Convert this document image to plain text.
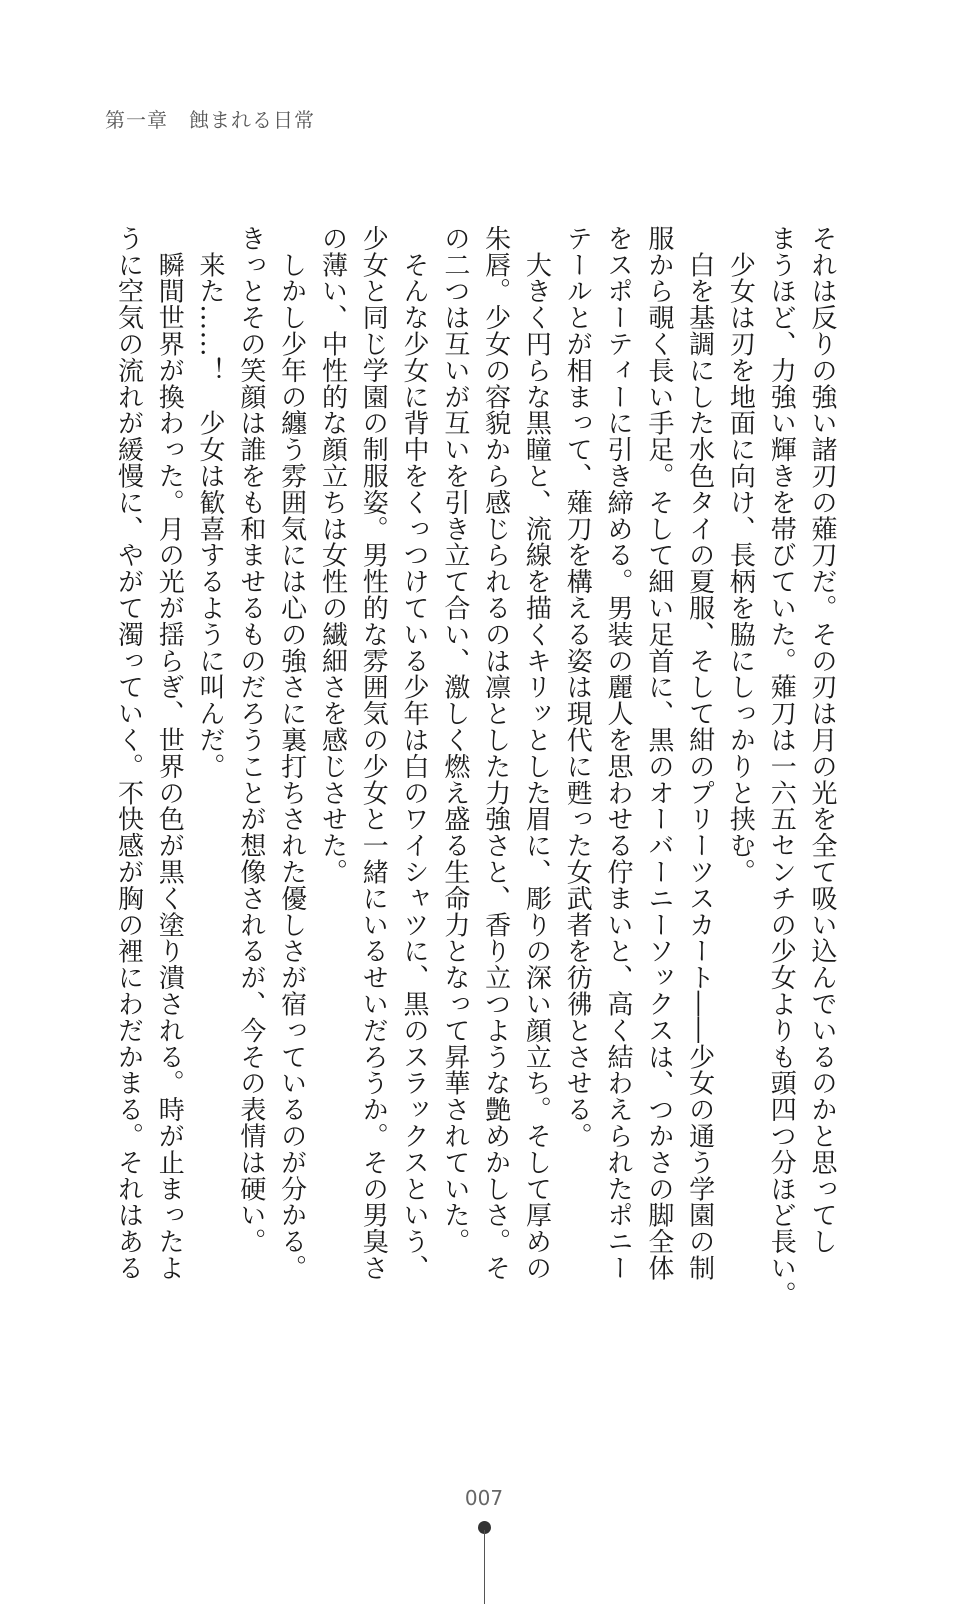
第一章　蝕まれる日常
それは反りの強い諸刃の薙刀だ。その刃は月の光を全て吸い込んでいるのかと思ってし
まうほど、力強い輝きを帯びていた。薙刀は一六五センチの少女よりも頭四つ分ほど長い。
　少女は刃を地面に向け、長柄を脇にしっかりと挟む。
　白を基調にした水色タイの夏服、そして紺のプリーツスカート――少女の通う学園の制
服から覗く長い手足。そして細い足首に、黒のオーバーニーソックスは、つかさの脚全体
をスポーティーに引き締める。男装の麗人を思わせる佇まいと、高く結わえられたポニー
テールとが相まって、薙刀を構える姿は現代に甦った女武者を彷彿とさせる。
　大きく円らな黒瞳と、流線を描くキリッとした眉に、彫りの深い顔立ち。そして厚めの
朱唇。少女の容貌から感じられるのは凛とした力強さと、香り立つような艶めかしさ。そ
の二つは互いが互いを引き立て合い、激しく燃え盛る生命力となって昇華されていた。
　そんな少女に背中をくっつけている少年は白のワイシャツに、黒のスラックスという、
少女と同じ学園の制服姿。男性的な雰囲気の少女と一緒にいるせいだろうか。その男臭さ
の薄い、中性的な顔立ちは女性の繊細さを感じさせた。
　しかし少年の纏う雰囲気には心の強さに裏打ちされた優しさが宿っているのが分かる。
きっとその笑顔は誰をも和ませるものだろうことが想像されるが、今その表情は硬い。
　来た……！　少女は歓喜するように叫んだ。
　瞬間世界が換わった。月の光が揺らぎ、世界の色が黒く塗り潰される。時が止まったよ
うに空気の流れが緩慢に、やがて濁っていく。不快感が胸の裡にわだかまる。それはある
007
